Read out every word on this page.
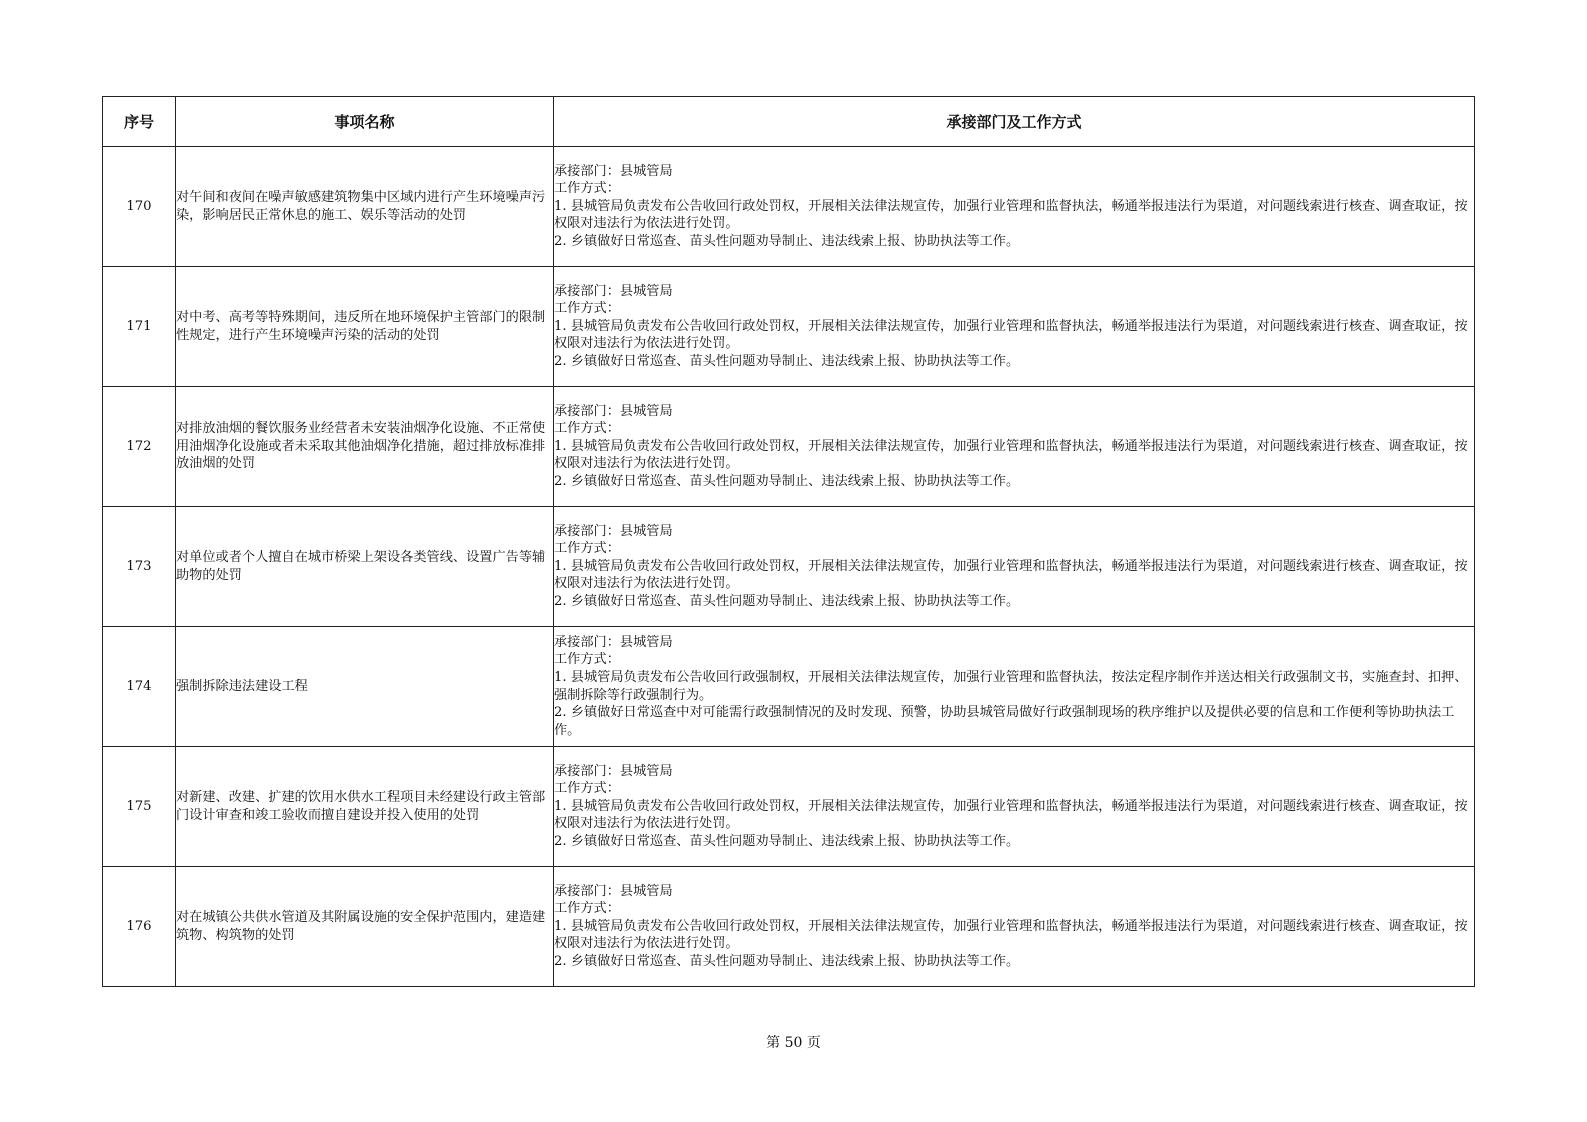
序号	事项名称	承接部门及工作方式
170	对午间和夜间在噪声敏感建筑物集中区域内进行产生环境噪声污染，影响居民正常休息的施工、娱乐等活动的处罚	承接部门：县城管局
工作方式：
1. 县城管局负责发布公告收回行政处罚权，开展相关法律法规宣传，加强行业管理和监督执法，畅通举报违法行为渠道，对问题线索进行核查、调查取证，按权限对违法行为依法进行处罚。
2. 乡镇做好日常巡查、苗头性问题劝导制止、违法线索上报、协助执法等工作。

171	对中考、高考等特殊期间，违反所在地环境保护主管部门的限制性规定，进行产生环境噪声污染的活动的处罚	承接部门：县城管局
工作方式：
1. 县城管局负责发布公告收回行政处罚权，开展相关法律法规宣传，加强行业管理和监督执法，畅通举报违法行为渠道，对问题线索进行核查、调查取证，按权限对违法行为依法进行处罚。
2. 乡镇做好日常巡查、苗头性问题劝导制止、违法线索上报、协助执法等工作。

172	对排放油烟的餐饮服务业经营者未安装油烟净化设施、不正常使用油烟净化设施或者未采取其他油烟净化措施，超过排放标准排放油烟的处罚	承接部门：县城管局
工作方式：
1. 县城管局负责发布公告收回行政处罚权，开展相关法律法规宣传，加强行业管理和监督执法，畅通举报违法行为渠道，对问题线索进行核查、调查取证，按权限对违法行为依法进行处罚。
2. 乡镇做好日常巡查、苗头性问题劝导制止、违法线索上报、协助执法等工作。

173	对单位或者个人擅自在城市桥梁上架设各类管线、设置广告等辅助物的处罚	承接部门：县城管局
工作方式：
1. 县城管局负责发布公告收回行政处罚权，开展相关法律法规宣传，加强行业管理和监督执法，畅通举报违法行为渠道，对问题线索进行核查、调查取证，按权限对违法行为依法进行处罚。
2. 乡镇做好日常巡查、苗头性问题劝导制止、违法线索上报、协助执法等工作。

174	强制拆除违法建设工程	承接部门：县城管局
工作方式：
1. 县城管局负责发布公告收回行政强制权，开展相关法律法规宣传，加强行业管理和监督执法，按法定程序制作并送达相关行政强制文书，实施查封、扣押、强制拆除等行政强制行为。
2. 乡镇做好日常巡查中对可能需行政强制情况的及时发现、预警，协助县城管局做好行政强制现场的秩序维护以及提供必要的信息和工作便利等协助执法工作。

175	对新建、改建、扩建的饮用水供水工程项目未经建设行政主管部门设计审查和竣工验收而擅自建设并投入使用的处罚	承接部门：县城管局
工作方式：
1. 县城管局负责发布公告收回行政处罚权，开展相关法律法规宣传，加强行业管理和监督执法，畅通举报违法行为渠道，对问题线索进行核查、调查取证，按权限对违法行为依法进行处罚。
2. 乡镇做好日常巡查、苗头性问题劝导制止、违法线索上报、协助执法等工作。

176	对在城镇公共供水管道及其附属设施的安全保护范围内，建造建筑物、构筑物的处罚	承接部门：县城管局
工作方式：
1. 县城管局负责发布公告收回行政处罚权，开展相关法律法规宣传，加强行业管理和监督执法，畅通举报违法行为渠道，对问题线索进行核查、调查取证，按权限对违法行为依法进行处罚。
2. 乡镇做好日常巡查、苗头性问题劝导制止、违法线索上报、协助执法等工作。
第 50 页
